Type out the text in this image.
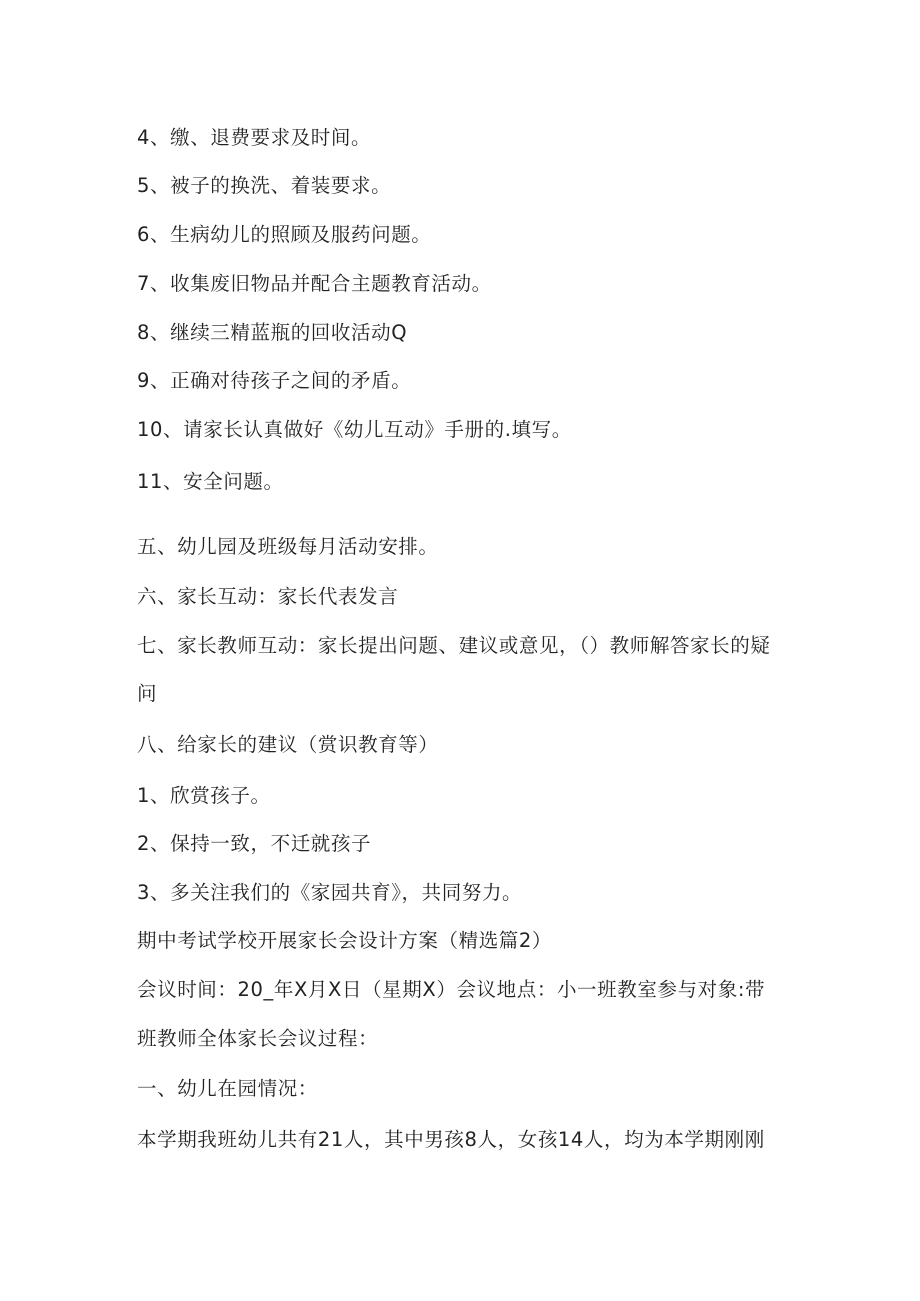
4、缴、退费要求及时间。
5、被子的换洗、着装要求。
6、生病幼儿的照顾及服药问题。
7、收集废旧物品并配合主题教育活动。
8、继续三精蓝瓶的回收活动Q
9、正确对待孩子之间的矛盾。
10、请家长认真做好《幼儿互动》手册的.填写。
11、安全问题。
五、幼儿园及班级每月活动安排。
六、家长互动：家长代表发言
七、家长教师互动：家长提出问题、建议或意见，（）教师解答家长的疑
问
八、给家长的建议（赏识教育等）
1、欣赏孩子。
2、保持一致，不迁就孩子
3、多关注我们的《家园共育》，共同努力。
期中考试学校开展家长会设计方案（精选篇2）
会议时间：20_年X月X日（星期X）会议地点：小一班教室参与对象:带
班教师全体家长会议过程：
一、幼儿在园情况：
本学期我班幼儿共有21人，其中男孩8人，女孩14人，均为本学期刚刚
